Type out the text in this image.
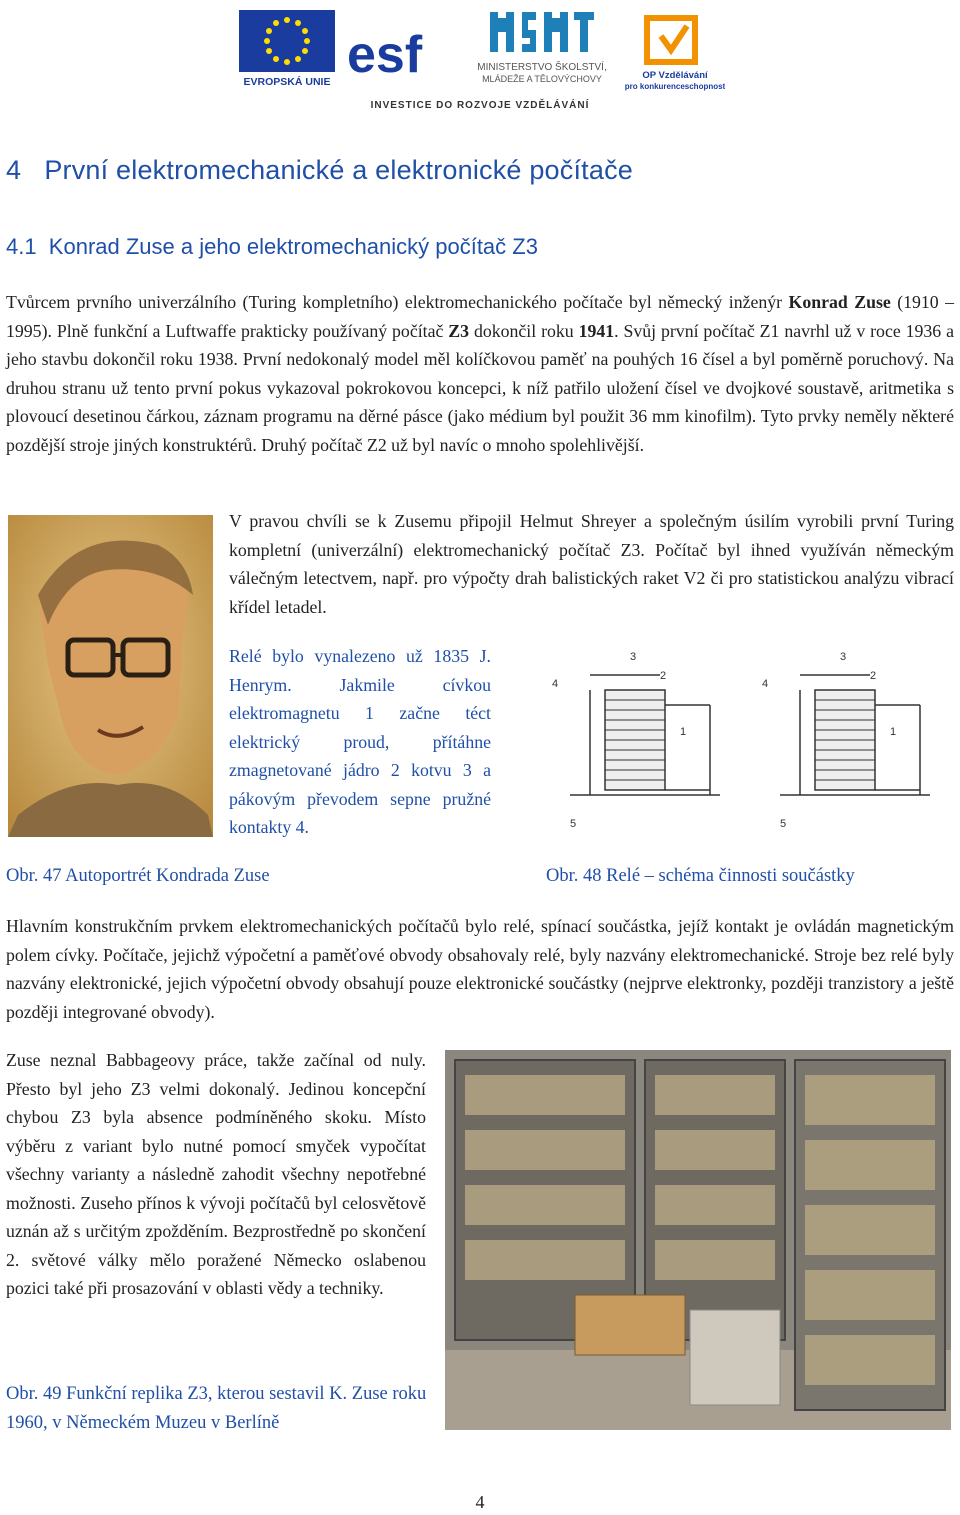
EVROPSKÁ UNIE esf	MINISTERSTVO ŠKOLSTVÍ,
MLÁDEŽE A TĚLOVÝCHOVY	OP Vzdělávání
pro konkurenceschopnost
INVESTICE DO ROZVOJE VZDĚLÁVÁNÍ
4   První elektromechanické a elektronické počítače
4.1  Konrad Zuse a jeho elektromechanický počítač Z3
Tvůrcem prvního univerzálního (Turing kompletního) elektromechanického počítače byl německý inženýr Konrad Zuse (1910 – 1995). Plně funkční a Luftwaffe prakticky používaný počítač Z3 dokončil roku 1941. Svůj první počítač Z1 navrhl už v roce 1936 a jeho stavbu dokončil roku 1938. První nedokonalý model měl kolíčkovou paměť na pouhých 16 čísel a byl poměrně poruchový. Na druhou stranu už tento první pokus vykazoval pokrokovou koncepci, k níž patřilo uložení čísel ve dvojkové soustavě, aritmetika s plovoucí desetinou čárkou, záznam programu na děrné pásce (jako médium byl použit 36 mm kinofilm). Tyto prvky neměly některé pozdější stroje jiných konstruktérů. Druhý počítač Z2 už byl navíc o mnoho spolehlivější.
V pravou chvíli se k Zusemu připojil Helmut Shreyer a společným úsilím vyrobili první Turing kompletní (univerzální) elektromechanický počítač Z3. Počítač byl ihned využíván německým válečným letectvem, např. pro výpočty drah balistických raket V2 či pro statistickou analýzu vibrací křídel letadel.
Relé bylo vynalezeno už 1835 J. Henrym. Jakmile cívkou elektromagnetu 1 začne téct elektrický proud, přítáhne zmagnetované jádro 2 kotvu 3 a pákovým převodem sepne pružné kontakty 4.
4
3
2
1
5
4
3
2
1
5
Obr. 47 Autoportrét Kondrada Zuse	Obr. 48 Relé – schéma činnosti součástky
Hlavním konstrukčním prvkem elektromechanických počítačů bylo relé, spínací součástka, jejíž kontakt je ovládán magnetickým polem cívky. Počítače, jejichž výpočetní a paměťové obvody obsahovaly relé, byly nazvány elektromechanické. Stroje bez relé byly nazvány elektronické, jejich výpočetní obvody obsahují pouze elektronické součástky (nejprve elektronky, později tranzistory a ještě později integrované obvody).
Zuse neznal Babbageovy práce, takže začínal od nuly. Přesto byl jeho Z3 velmi dokonalý. Jedinou koncepční chybou Z3 byla absence podmíněného skoku. Místo výběru z variant bylo nutné pomocí smyček vypočítat všechny varianty a následně zahodit všechny nepotřebné možnosti. Zuseho přínos k vývoji počítačů byl celosvětově uznán až s určitým zpožděním. Bezprostředně po skončení 2. světové války mělo poražené Německo oslabenou pozici také při prosazování v oblasti vědy a techniky.
Obr. 49 Funkční replika Z3, kterou sestavil K. Zuse roku 1960, v Německém Muzeu v Berlíně
4
